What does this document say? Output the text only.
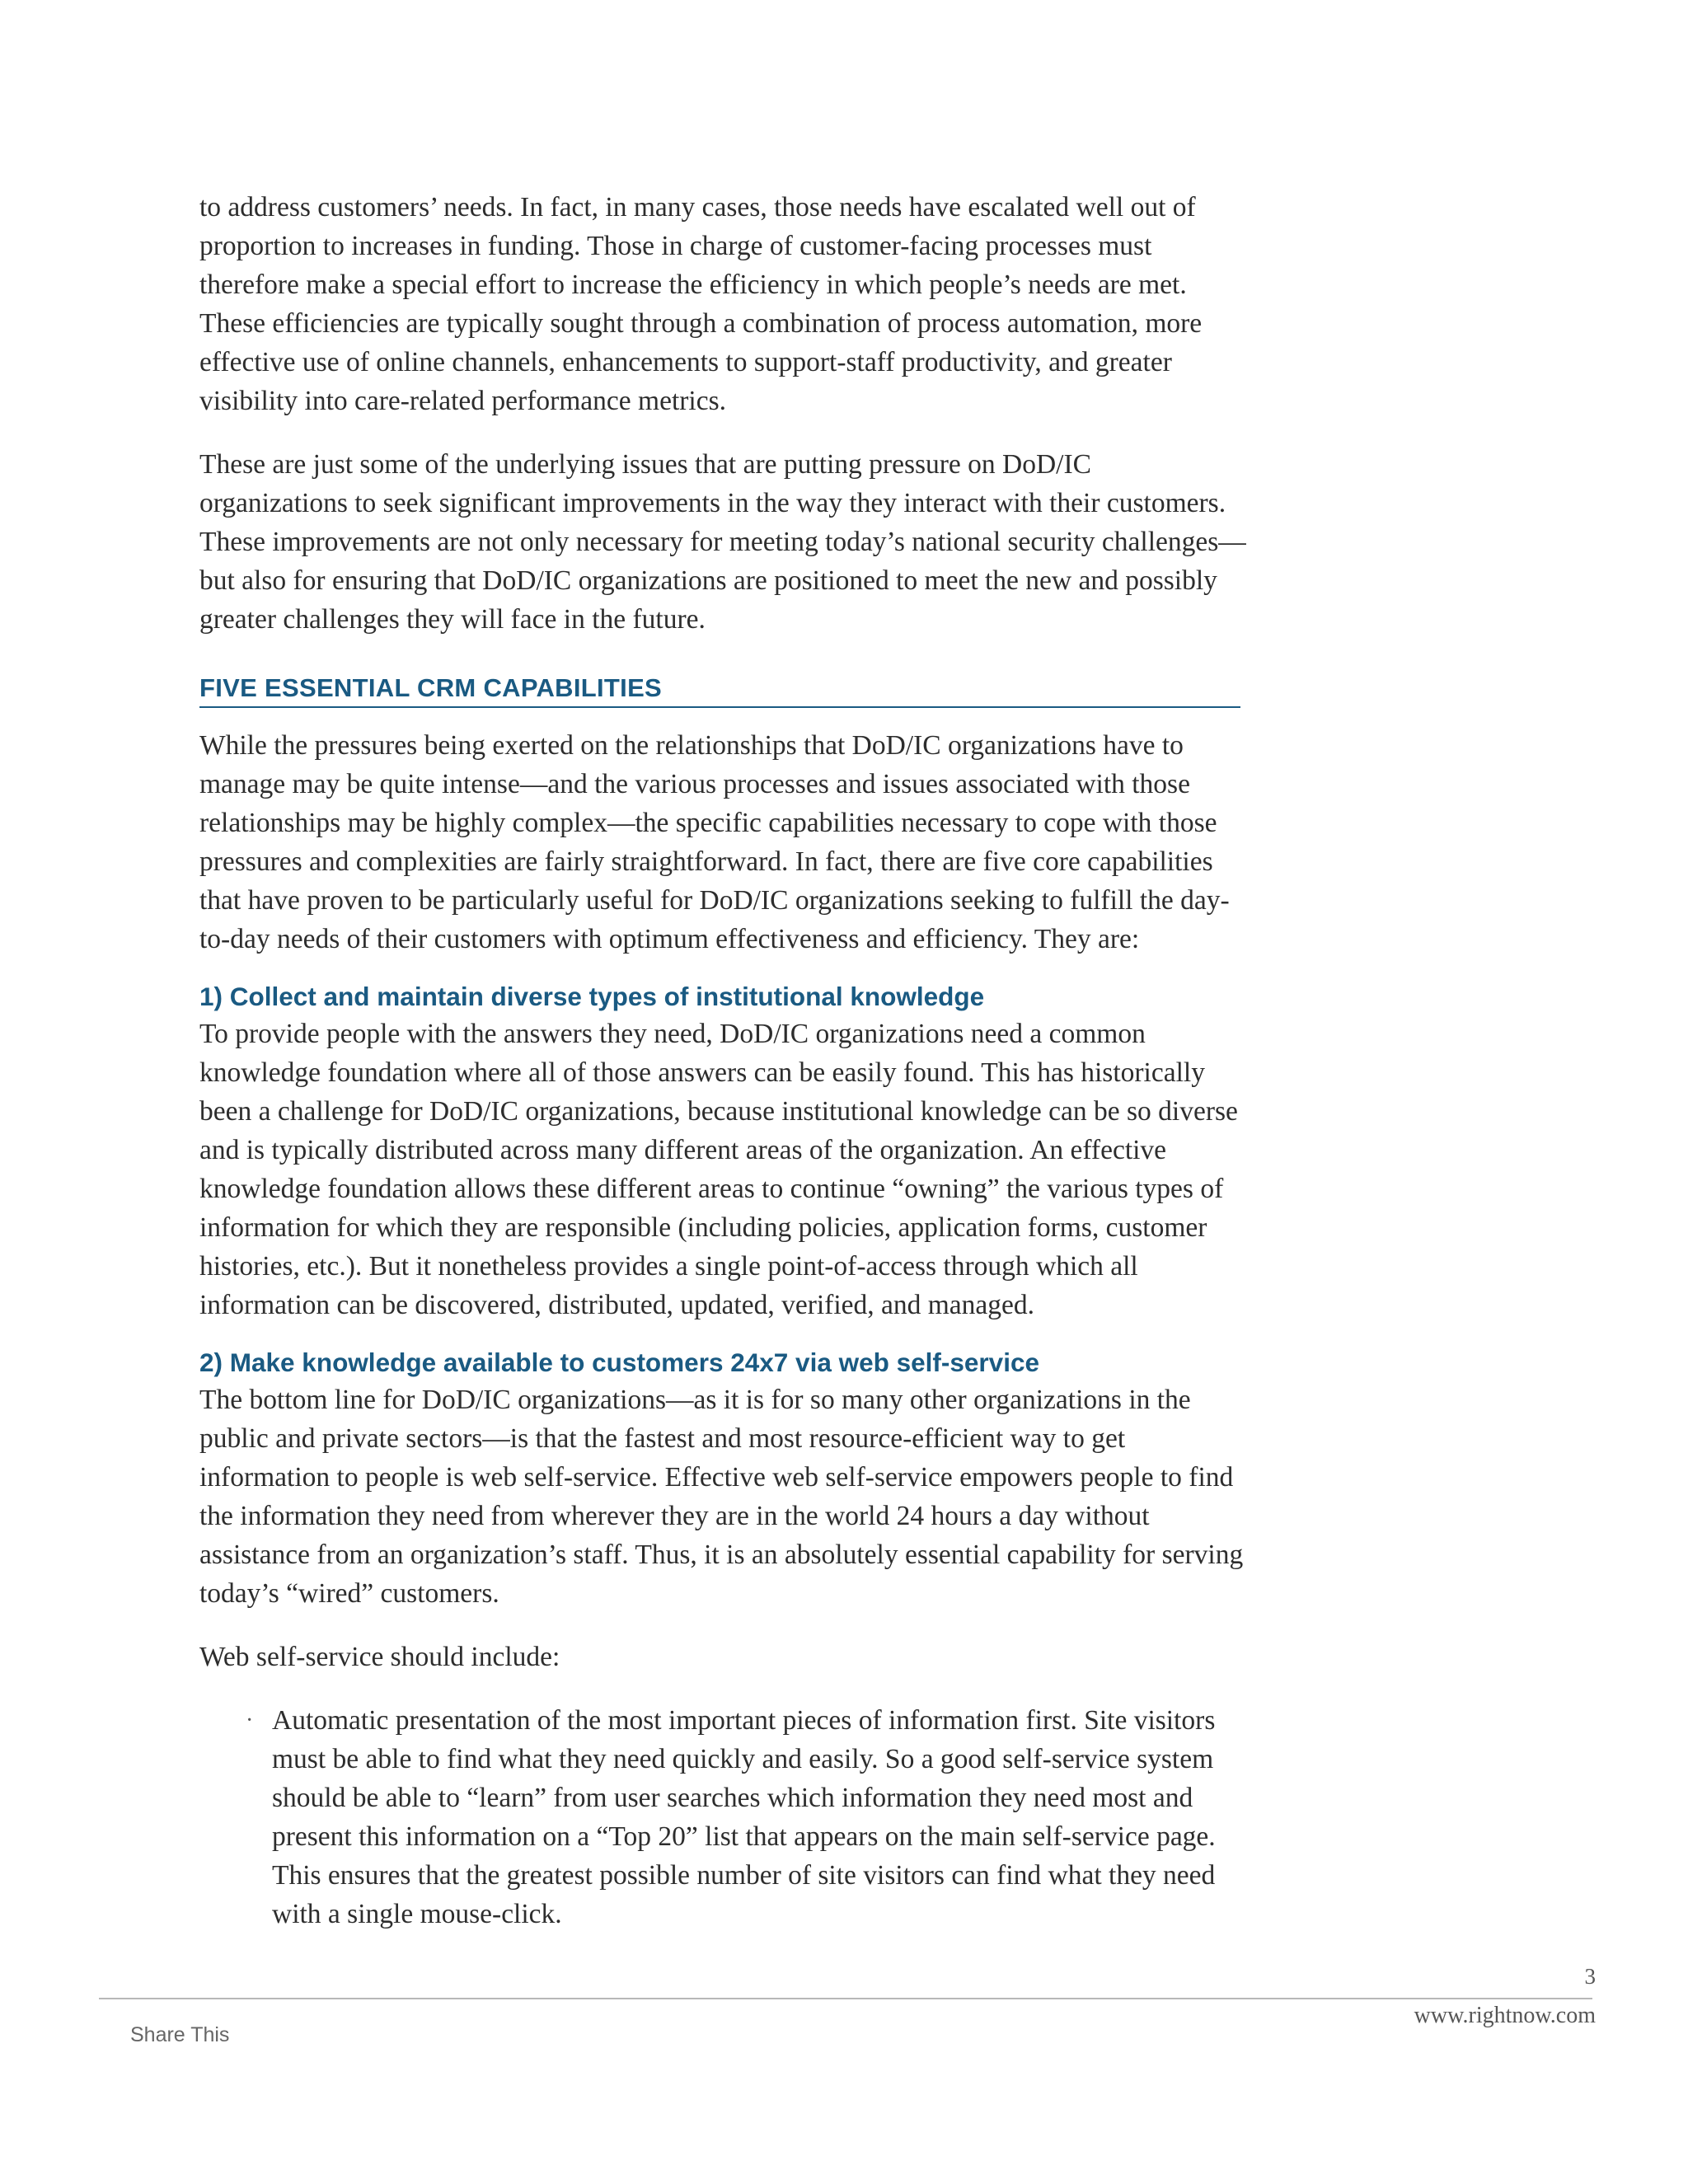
to address customers’ needs. In fact, in many cases, those needs have escalated well out of proportion to increases in funding. Those in charge of customer-facing processes must therefore make a special effort to increase the efficiency in which people’s needs are met. These efficiencies are typically sought through a combination of process automation, more effective use of online channels, enhancements to support-staff productivity, and greater visibility into care-related performance metrics.

These are just some of the underlying issues that are putting pressure on DoD/IC organizations to seek significant improvements in the way they interact with their customers. These improvements are not only necessary for meeting today’s national security challenges—but also for ensuring that DoD/IC organizations are positioned to meet the new and possibly greater challenges they will face in the future.

FIVE ESSENTIAL CRM CAPABILITIES

While the pressures being exerted on the relationships that DoD/IC organizations have to manage may be quite intense—and the various processes and issues associated with those relationships may be highly complex—the specific capabilities necessary to cope with those pressures and complexities are fairly straightforward. In fact, there are five core capabilities that have proven to be particularly useful for DoD/IC organizations seeking to fulfill the day-to-day needs of their customers with optimum effectiveness and efficiency. They are:

1) Collect and maintain diverse types of institutional knowledge

To provide people with the answers they need, DoD/IC organizations need a common knowledge foundation where all of those answers can be easily found. This has historically been a challenge for DoD/IC organizations, because institutional knowledge can be so diverse and is typically distributed across many different areas of the organization. An effective knowledge foundation allows these different areas to continue “owning” the various types of information for which they are responsible (including policies, application forms, customer histories, etc.). But it nonetheless provides a single point-of-access through which all information can be discovered, distributed, updated, verified, and managed.

2) Make knowledge available to customers 24x7 via web self-service

The bottom line for DoD/IC organizations—as it is for so many other organizations in the public and private sectors—is that the fastest and most resource-efficient way to get information to people is web self-service. Effective web self-service empowers people to find the information they need from wherever they are in the world 24 hours a day without assistance from an organization’s staff. Thus, it is an absolutely essential capability for serving today’s “wired” customers.

Web self-service should include:

· Automatic presentation of the most important pieces of information first. Site visitors must be able to find what they need quickly and easily. So a good self-service system should be able to “learn” from user searches which information they need most and present this information on a “Top 20” list that appears on the main self-service page. This ensures that the greatest possible number of site visitors can find what they need with a single mouse-click.
3
www.rightnow.com
Share This
